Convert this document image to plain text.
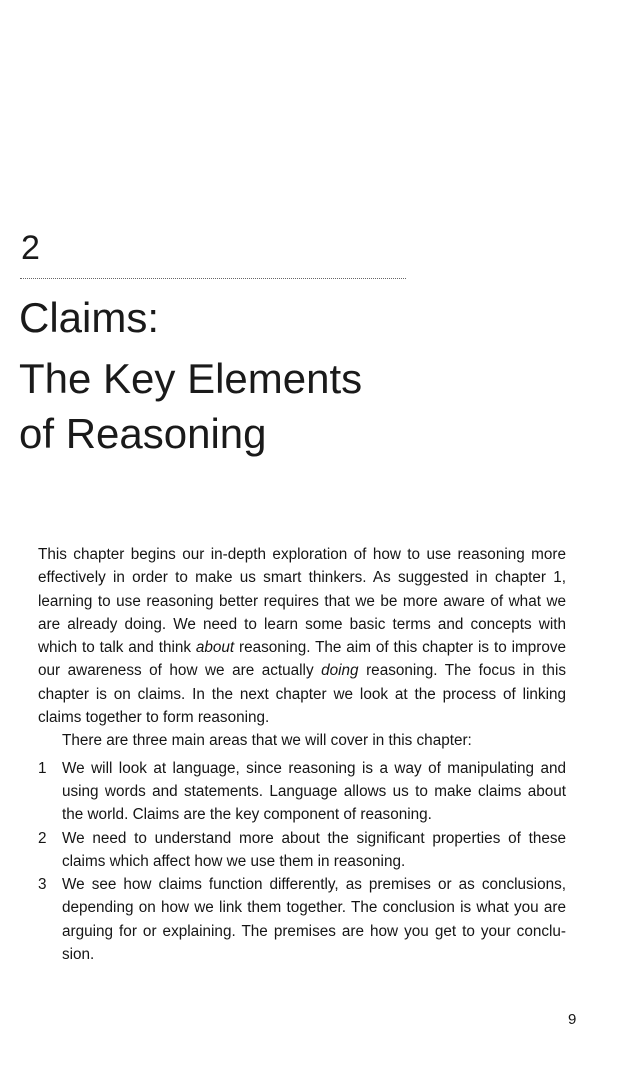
2
Claims:
The Key Elements
of Reasoning

This chapter begins our in-depth exploration of how to use reasoning more effectively in order to make us smart thinkers. As suggested in chapter 1, learning to use reasoning better requires that we be more aware of what we are already doing. We need to learn some basic terms and concepts with which to talk and think about reasoning. The aim of this chapter is to improve our awareness of how we are actually doing reasoning. The focus in this chapter is on claims. In the next chapter we look at the process of linking claims together to form reasoning.

There are three main areas that we will cover in this chapter:

1	We will look at language, since reasoning is a way of manipulating and using words and statements. Language allows us to make claims about the world. Claims are the key component of reasoning.
2	We need to understand more about the significant properties of these claims which affect how we use them in reasoning.
3	We see how claims function differently, as premises or as conclusions, depending on how we link them together. The conclusion is what you are arguing for or explaining. The premises are how you get to your conclu-sion.
9
